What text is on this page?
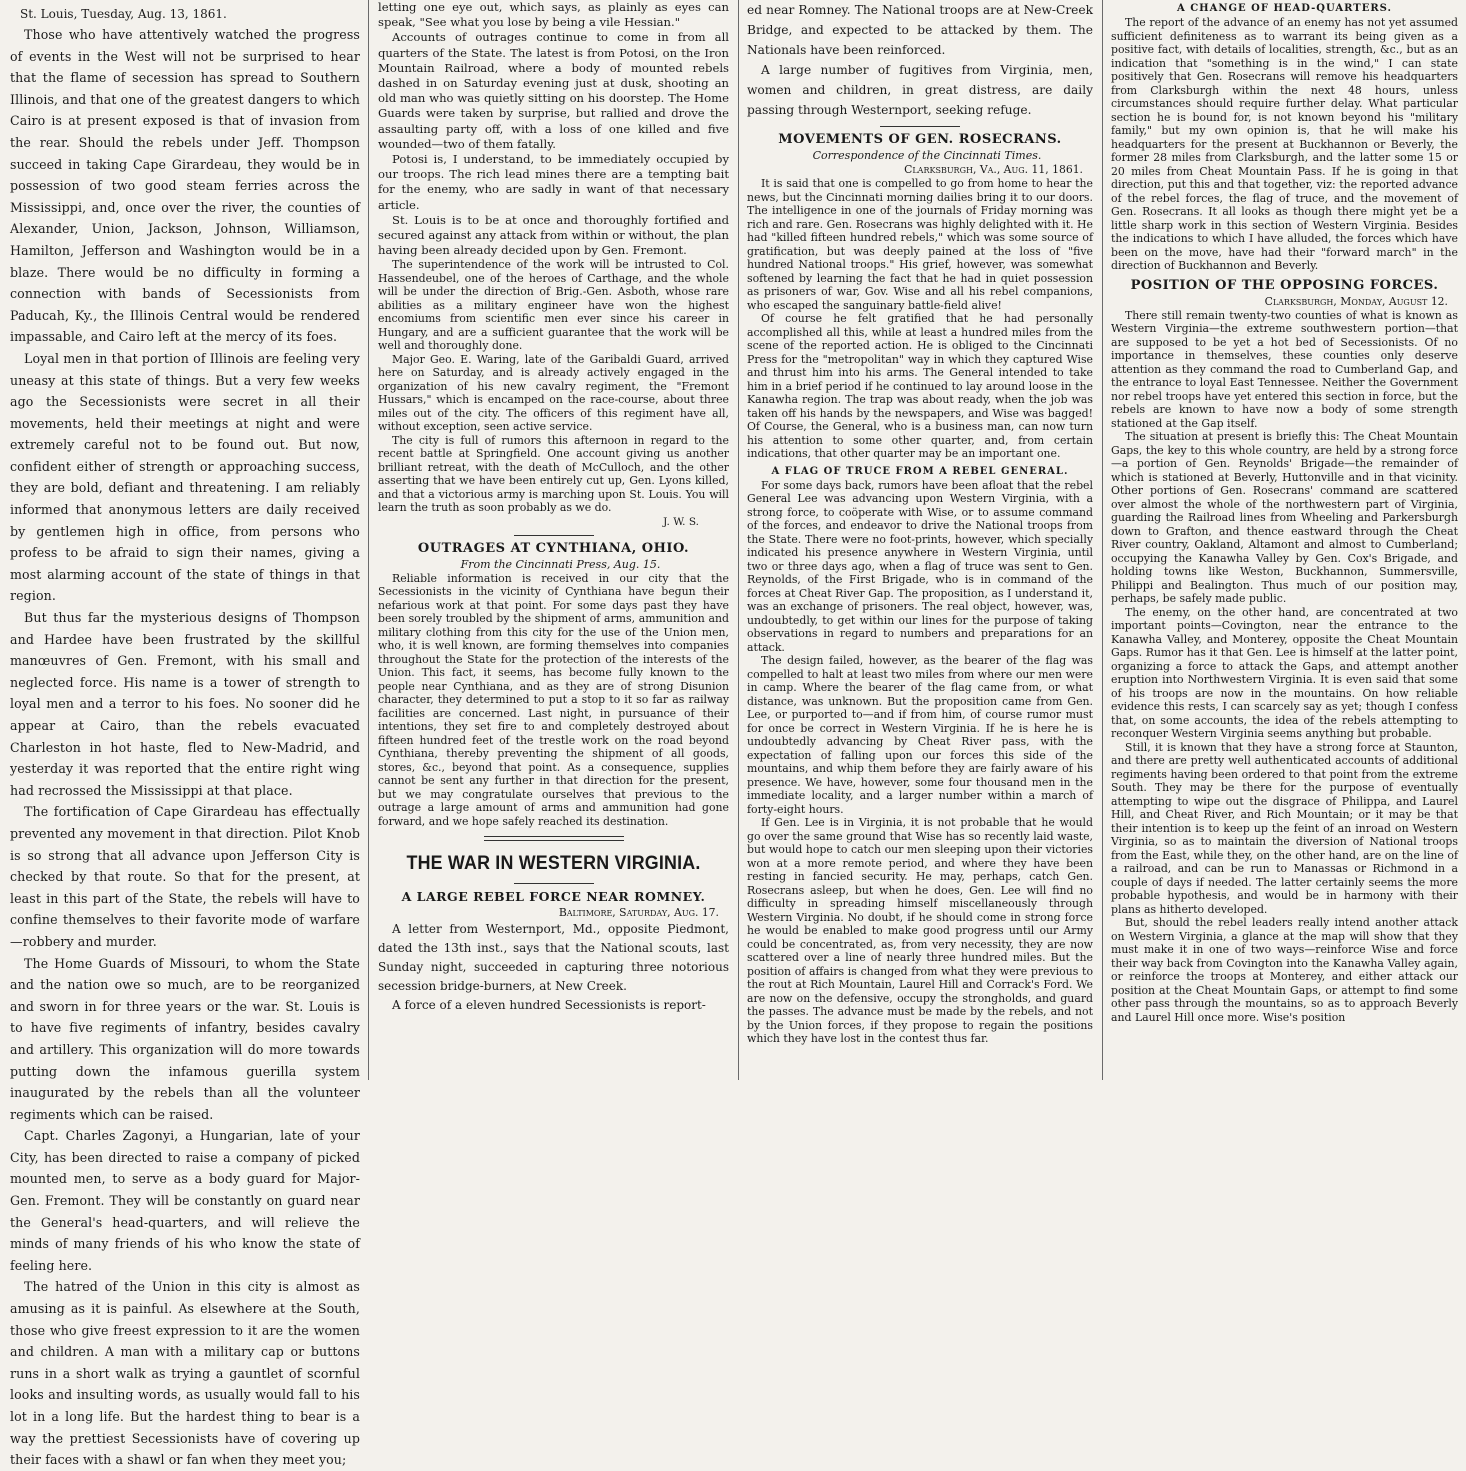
St. Louis, Tuesday, Aug. 13, 1861.

Those who have attentively watched the progress of events in the West will not be surprised to hear that the flame of secession has spread to Southern Illinois, and that one of the greatest dangers to which Cairo is at present exposed is that of invasion from the rear. Should the rebels under Jeff. Thompson succeed in taking Cape Girardeau, they would be in possession of two good steam ferries across the Mississippi, and, once over the river, the counties of Alexander, Union, Jackson, Johnson, Williamson, Hamilton, Jefferson and Washington would be in a blaze. There would be no difficulty in forming a connection with bands of Secessionists from Paducah, Ky., the Illinois Central would be rendered impassable, and Cairo left at the mercy of its foes.

Loyal men in that portion of Illinois are feeling very uneasy at this state of things. But a very few weeks ago the Secessionists were secret in all their movements, held their meetings at night and were extremely careful not to be found out. But now, confident either of strength or approaching success, they are bold, defiant and threatening. I am reliably informed that anonymous letters are daily received by gentlemen high in office, from persons who profess to be afraid to sign their names, giving a most alarming account of the state of things in that region.

But thus far the mysterious designs of Thompson and Hardee have been frustrated by the skillful manœuvres of Gen. Fremont, with his small and neglected force. His name is a tower of strength to loyal men and a terror to his foes. No sooner did he appear at Cairo, than the rebels evacuated Charleston in hot haste, fled to New-Madrid, and yesterday it was reported that the entire right wing had recrossed the Mississippi at that place.

The fortification of Cape Girardeau has effectually prevented any movement in that direction. Pilot Knob is so strong that all advance upon Jefferson City is checked by that route. So that for the present, at least in this part of the State, the rebels will have to confine themselves to their favorite mode of warfare—robbery and murder.

The Home Guards of Missouri, to whom the State and the nation owe so much, are to be reorganized and sworn in for three years or the war. St. Louis is to have five regiments of infantry, besides cavalry and artillery. This organization will do more towards putting down the infamous guerilla system inaugurated by the rebels than all the volunteer regiments which can be raised.

Capt. Charles Zagonyi, a Hungarian, late of your City, has been directed to raise a company of picked mounted men, to serve as a body guard for Major-Gen. Fremont. They will be constantly on guard near the General's head-quarters, and will relieve the minds of many friends of his who know the state of feeling here.

The hatred of the Union in this city is almost as amusing as it is painful. As elsewhere at the South, those who give freest expression to it are the women and children. A man with a military cap or buttons runs in a short walk as trying a gauntlet of scornful looks and insulting words, as usually would fall to his lot in a long life. But the hardest thing to bear is a way the prettiest Secessionists have of covering up their faces with a shawl or fan when they meet you;

letting one eye out, which says, as plainly as eyes can speak, "See what you lose by being a vile Hessian."

Accounts of outrages continue to come in from all quarters of the State. The latest is from Potosi, on the Iron Mountain Railroad, where a body of mounted rebels dashed in on Saturday evening just at dusk, shooting an old man who was quietly sitting on his doorstep. The Home Guards were taken by surprise, but rallied and drove the assaulting party off, with a loss of one killed and five wounded—two of them fatally.

Potosi is, I understand, to be immediately occupied by our troops. The rich lead mines there are a tempting bait for the enemy, who are sadly in want of that necessary article.

St. Louis is to be at once and thoroughly fortified and secured against any attack from within or without, the plan having been already decided upon by Gen. Fremont.

The superintendence of the work will be intrusted to Col. Hassendeubel, one of the heroes of Carthage, and the whole will be under the direction of Brig.-Gen. Asboth, whose rare abilities as a military engineer have won the highest encomiums from scientific men ever since his career in Hungary, and are a sufficient guarantee that the work will be well and thoroughly done.

Major Geo. E. Waring, late of the Garibaldi Guard, arrived here on Saturday, and is already actively engaged in the organization of his new cavalry regiment, the "Fremont Hussars," which is encamped on the race-course, about three miles out of the city. The officers of this regiment have all, without exception, seen active service.

The city is full of rumors this afternoon in regard to the recent battle at Springfield. One account giving us another brilliant retreat, with the death of McCulloch, and the other asserting that we have been entirely cut up, Gen. Lyons killed, and that a victorious army is marching upon St. Louis. You will learn the truth as soon probably as we do.

J. W. S.

OUTRAGES AT CYNTHIANA, OHIO.

From the Cincinnati Press, Aug. 15.

Reliable information is received in our city that the Secessionists in the vicinity of Cynthiana have begun their nefarious work at that point. For some days past they have been sorely troubled by the shipment of arms, ammunition and military clothing from this city for the use of the Union men, who, it is well known, are forming themselves into companies throughout the State for the protection of the interests of the Union. This fact, it seems, has become fully known to the people near Cynthiana, and as they are of strong Disunion character, they determined to put a stop to it so far as railway facilities are concerned. Last night, in pursuance of their intentions, they set fire to and completely destroyed about fifteen hundred feet of the trestle work on the road beyond Cynthiana, thereby preventing the shipment of all goods, stores, &c., beyond that point. As a consequence, supplies cannot be sent any further in that direction for the present, but we may congratulate ourselves that previous to the outrage a large amount of arms and ammunition had gone forward, and we hope safely reached its destination.

THE WAR IN WESTERN VIRGINIA.
A LARGE REBEL FORCE NEAR ROMNEY.

Baltimore, Saturday, Aug. 17.

A letter from Westernport, Md., opposite Piedmont, dated the 13th inst., says that the National scouts, last Sunday night, succeeded in capturing three notorious secession bridge-burners, at New Creek.

A force of a eleven hundred Secessionists is report-

ed near Romney. The National troops are at New-Creek Bridge, and expected to be attacked by them. The Nationals have been reinforced.

A large number of fugitives from Virginia, men, women and children, in great distress, are daily passing through Westernport, seeking refuge.

MOVEMENTS OF GEN. ROSECRANS.

Correspondence of the Cincinnati Times.

Clarksburgh, Va., Aug. 11, 1861.

It is said that one is compelled to go from home to hear the news, but the Cincinnati morning dailies bring it to our doors. The intelligence in one of the journals of Friday morning was rich and rare. Gen. Rosecrans was highly delighted with it. He had "killed fifteen hundred rebels," which was some source of gratification, but was deeply pained at the loss of "five hundred National troops." His grief, however, was somewhat softened by learning the fact that he had in quiet possession as prisoners of war, Gov. Wise and all his rebel companions, who escaped the sanguinary battle-field alive!

Of course he felt gratified that he had personally accomplished all this, while at least a hundred miles from the scene of the reported action. He is obliged to the Cincinnati Press for the "metropolitan" way in which they captured Wise and thrust him into his arms. The General intended to take him in a brief period if he continued to lay around loose in the Kanawha region. The trap was about ready, when the job was taken off his hands by the newspapers, and Wise was bagged! Of Course, the General, who is a business man, can now turn his attention to some other quarter, and, from certain indications, that other quarter may be an important one.

A FLAG OF TRUCE FROM A REBEL GENERAL.

For some days back, rumors have been afloat that the rebel General Lee was advancing upon Western Virginia, with a strong force, to coöperate with Wise, or to assume command of the forces, and endeavor to drive the National troops from the State. There were no foot-prints, however, which specially indicated his presence anywhere in Western Virginia, until two or three days ago, when a flag of truce was sent to Gen. Reynolds, of the First Brigade, who is in command of the forces at Cheat River Gap. The proposition, as I understand it, was an exchange of prisoners. The real object, however, was, undoubtedly, to get within our lines for the purpose of taking observations in regard to numbers and preparations for an attack.

The design failed, however, as the bearer of the flag was compelled to halt at least two miles from where our men were in camp. Where the bearer of the flag came from, or what distance, was unknown. But the proposition came from Gen. Lee, or purported to—and if from him, of course rumor must for once be correct in Western Virginia. If he is here he is undoubtedly advancing by Cheat River pass, with the expectation of falling upon our forces this side of the mountains, and whip them before they are fairly aware of his presence. We have, however, some four thousand men in the immediate locality, and a larger number within a march of forty-eight hours.

If Gen. Lee is in Virginia, it is not probable that he would go over the same ground that Wise has so recently laid waste, but would hope to catch our men sleeping upon their victories won at a more remote period, and where they have been resting in fancied security. He may, perhaps, catch Gen. Rosecrans asleep, but when he does, Gen. Lee will find no difficulty in spreading himself miscellaneously through Western Virginia. No doubt, if he should come in strong force he would be enabled to make good progress until our Army could be concentrated, as, from very necessity, they are now scattered over a line of nearly three hundred miles. But the position of affairs is changed from what they were previous to the rout at Rich Mountain, Laurel Hill and Corrack's Ford. We are now on the defensive, occupy the strongholds, and guard the passes. The advance must be made by the rebels, and not by the Union forces, if they propose to regain the positions which they have lost in the contest thus far.

A CHANGE OF HEAD-QUARTERS.

The report of the advance of an enemy has not yet assumed sufficient definiteness as to warrant its being given as a positive fact, with details of localities, strength, &c., but as an indication that "something is in the wind," I can state positively that Gen. Rosecrans will remove his headquarters from Clarksburgh within the next 48 hours, unless circumstances should require further delay. What particular section he is bound for, is not known beyond his "military family," but my own opinion is, that he will make his headquarters for the present at Buckhannon or Beverly, the former 28 miles from Clarksburgh, and the latter some 15 or 20 miles from Cheat Mountain Pass. If he is going in that direction, put this and that together, viz: the reported advance of the rebel forces, the flag of truce, and the movement of Gen. Rosecrans. It all looks as though there might yet be a little sharp work in this section of Western Virginia. Besides the indications to which I have alluded, the forces which have been on the move, have had their "forward march" in the direction of Buckhannon and Beverly.

POSITION OF THE OPPOSING FORCES.

Clarksburgh, Monday, August 12.

There still remain twenty-two counties of what is known as Western Virginia—the extreme southwestern portion—that are supposed to be yet a hot bed of Secessionists. Of no importance in themselves, these counties only deserve attention as they command the road to Cumberland Gap, and the entrance to loyal East Tennessee. Neither the Government nor rebel troops have yet entered this section in force, but the rebels are known to have now a body of some strength stationed at the Gap itself.

The situation at present is briefly this: The Cheat Mountain Gaps, the key to this whole country, are held by a strong force—a portion of Gen. Reynolds' Brigade—the remainder of which is stationed at Beverly, Huttonville and in that vicinity. Other portions of Gen. Rosecrans' command are scattered over almost the whole of the northwestern part of Virginia, guarding the Railroad lines from Wheeling and Parkersburgh down to Grafton, and thence eastward through the Cheat River country, Oakland, Altamont and almost to Cumberland; occupying the Kanawha Valley by Gen. Cox's Brigade, and holding towns like Weston, Buckhannon, Summersville, Philippi and Bealington. Thus much of our position may, perhaps, be safely made public.

The enemy, on the other hand, are concentrated at two important points—Covington, near the entrance to the Kanawha Valley, and Monterey, opposite the Cheat Mountain Gaps. Rumor has it that Gen. Lee is himself at the latter point, organizing a force to attack the Gaps, and attempt another eruption into Northwestern Virginia. It is even said that some of his troops are now in the mountains. On how reliable evidence this rests, I can scarcely say as yet; though I confess that, on some accounts, the idea of the rebels attempting to reconquer Western Virginia seems anything but probable.

Still, it is known that they have a strong force at Staunton, and there are pretty well authenticated accounts of additional regiments having been ordered to that point from the extreme South. They may be there for the purpose of eventually attempting to wipe out the disgrace of Philippa, and Laurel Hill, and Cheat River, and Rich Mountain; or it may be that their intention is to keep up the feint of an inroad on Western Virginia, so as to maintain the diversion of National troops from the East, while they, on the other hand, are on the line of a railroad, and can be run to Manassas or Richmond in a couple of days if needed. The latter certainly seems the more probable hypothesis, and would be in harmony with their plans as hitherto developed.

But, should the rebel leaders really intend another attack on Western Virginia, a glance at the map will show that they must make it in one of two ways—reinforce Wise and force their way back from Covington into the Kanawha Valley again, or reinforce the troops at Monterey, and either attack our position at the Cheat Mountain Gaps, or attempt to find some other pass through the mountains, so as to approach Beverly and Laurel Hill once more. Wise's position
